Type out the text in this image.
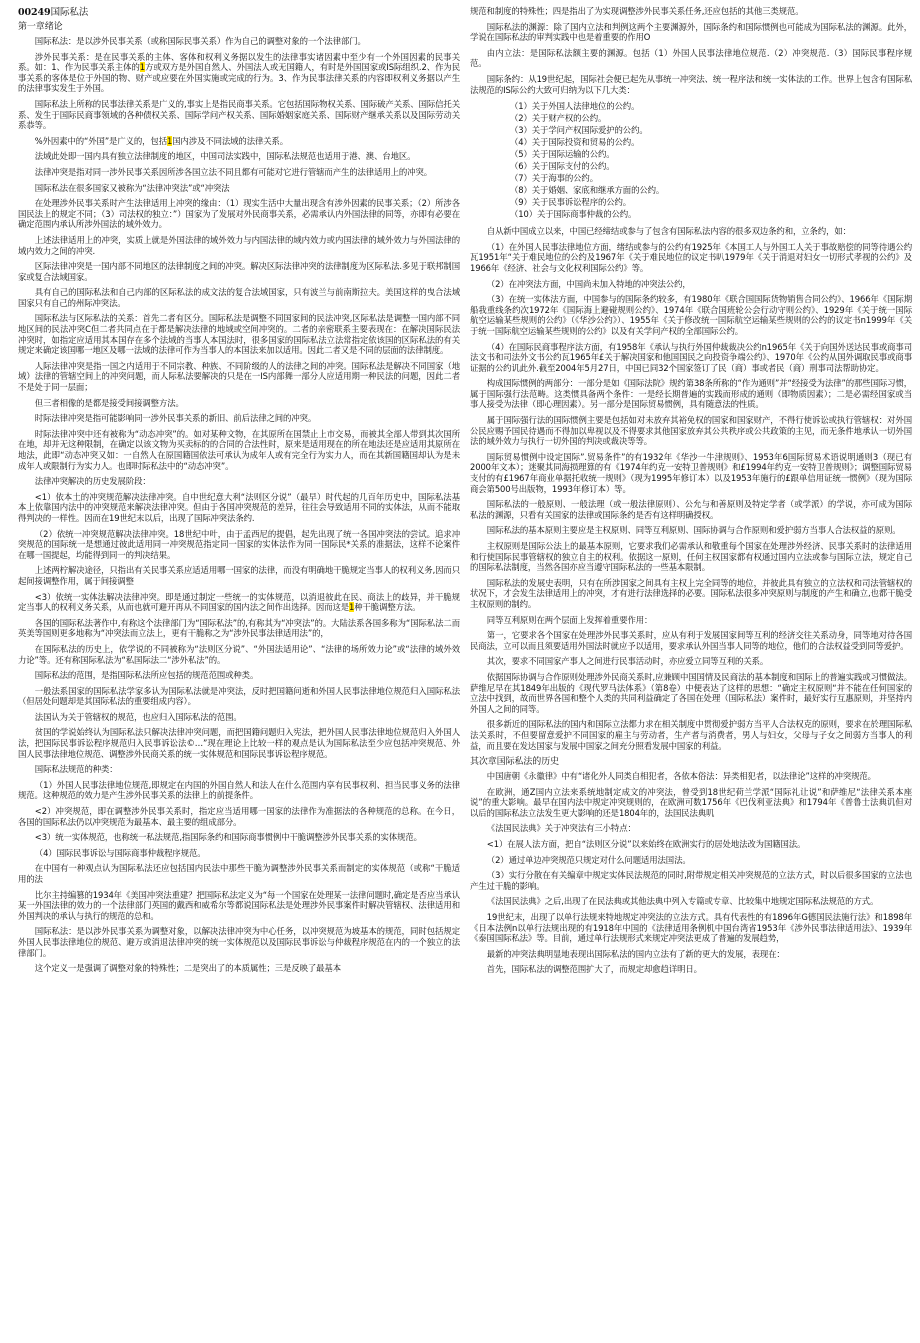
00249国际私法
第一章绪论

国际私法：是以涉外民事关系（或称国际民事关系）作为自己的调整对象的一个法律部门。

涉外民事关系：是在民事关系的主体、客体和权利义务据以发生的法律事实诸因素中至少有一个外国因素的民事关系。如：1、作为民事关系主体的1方或双方是外国自然人、外国法人或无国籍人，有时是外国国家或IS际组织.2、作为民事关系的客体是位于外国的物、财产或应要在外国实施或完成的行为。3、作为民事法律关系的内容即权利义务据以产生的法律事实发生于外国。

国际私法上所称的民事法律关系是广义的,事实上是指民商事关系。它包括国际物权关系、国际破产关系、国际信托关系、发生于国际民商事领域的各种债权关系、国际学问产权关系、国际婚姻家庭关系、国际财产继承关系以及国际劳动关系恭等。

%外因素中的“外国”是广义的，包括1国内涉及不同法域的法律关系。

法域此处即一国内具有独立法律制度的地区，中国司法实践中，国际私法规范也适用于港、澳、台地区。

法律冲突是指对同一涉外民事关系因所涉各国立法不同且都有可能对它进行管辖而产生的法律适用上的冲突。

国际私法在很多国家又被称为“法律冲突法”或“冲突法

在处理涉外民事关系时产生法律适用上冲突的缘由：（1）现实生活中大量出现含有涉外因素的民事关系；（2）所涉各国民法上的规定不同；（3）司法权的独立：”）国家为了发展对外民商事关系，必需承认内外国法律的同等，亦即有必要在确定范围内承认所涉外国法的域外效力。

上述法律适用上的冲突，实质上就是外国法律的域外效力与内国法律的域内效力或内国法律的域外效力与外国法律的域内效力之间的冲突.

区际法律冲突是一国内部不同地区的法律制度之间的冲突。解决区际法律冲突的法律制度为区际私法.多见于联邦制国家或复合法域国家。

具有自己的国际私法和自己内部的区际私法的成文法的复合法域国家，只有波兰与前南斯拉夫。美国这样的曳合法域国家只有自己的州际冲突法。

国际私法与区际私法的关系：首先二者有区分。国际私法是调整不同国家间的民法冲突,区际私法是调整一国内部不同地区间的民法冲突C但二者共同点在于都是解决法律的地域或空间冲突的。二者的亲密联系主要表现在：在解决国际民法冲突时，如指定应适用其本国存在多个法域的当事人本国法时，很多国家的国际私法立法常指定依该国的区际私法的有关规定来确定该国哪一地区及哪一法域的法律可作为当事人的本国法来加以适用。因此二者又是不同的层面的法律制度。

人际法律冲突是指一国之内适用于不同宗教、种族、不同阶级的人的法律之间的冲突。国际私法是解决不同国家（地域）法律的管辖空间上的冲突问题，而人际私法要解决的只是在一IS内部舞一部分人应适用期一种民法的问题，因此二者不是处于同一层面；

但三者相像的是都是接受间接调整方法。

时际法律冲突是指可能影响同一涉外民事关系的新旧、前后法律之间的冲突。

时际法律冲突中还有被称为“动态冲突”的。如对某种文物，在其原所在国禁止上市交易，而被其全部人带到其次国所在地，却并无这种限制，在确定以该文物为买卖标的的合同的合法性时，原来是适用现在的所在地法还是应适用其原所在地法，此即“动态冲突又如：一自然人在原国籍国依法可承认为成年人或有完全行为实力人，而在其新国籍国却认为是未成年人或限制行为实力人。也即时际私法中的“动态冲突”。

法律冲突解决的历史发展阶段：

<1）依本土的冲突规范解决法律冲突。自中世纪意大利“法则区分说”（最早）时代起的几百年历史中，国际私法基本上依靠国内法中的冲突规范来解决法律冲突。但由于各国冲突规范的差异，往往会导致适用不同的实体法，从而不能取得判决的一样性。因而在19世纪末以后，出现了国际冲突法条约.

（2）依统一冲突规范解决法律冲突。18世纪中叶，由于孟西尼的提倡，起先出现了统一各国冲突法的尝试。追求冲突规范的国际统一是想通过彼此适用同一冲突规范指定同一国家的实体法作为同一国际民*关系的准据法，这样不论案件在哪一国提起，均能得到同一的判决结果。

上述两柠解决途径，只指出有关民事关系应适适用哪一国家的法律，而没有明确地干脆规定当事人的权利义务,因而只起间接调整作用，属于间接调整

<3）依统一实体法解决法律冲突。即是通过制定一些统一的实体规范，以消退彼此在民、商法上的歧异，并干脆规定当事人的权利义务关系，从而也就可避开再从不同国家的国内法之间作出选择。因而这是1种干脆调整方法。

各国的国际私法著作中,有称这个法律部门为“国际私法”的,有称其为“冲突法”的。大陆法系各国多称为“国际私法二而英美等国则更多地称为“冲突法而立法上，更有干脆称之为“涉外民事法律适用法”的，

在国际私法的历史上，依学说的不同被称为“法则区分说”、“外国法适用论”、“法律的场所效力论”或“法律的域外效力论”等。还有称国际私法为“私国际法二“涉外私法”的。

国际私法的范围，是指国际私法所应包括的规范范围或种类。

一般法系国家的国际私法学家多认为国际私法就是冲突法，反时把国籍问逝和外国人民事法律地位规范归入国际私法（但居处问题却是其国际私法的重要组成内容）。

法国认为关于管辖权的规范，也应归入国际私法的范围。

贫国的学说始终认为国际私法只解决法律冲突问题，而把国籍问题归入宪法，把外国人民事法律地位规范归入外国人法，把国际民事诉讼程序规范归入民事诉讼法©…”现在理论上比较一样的观点是认为国际私法至少应包括冲突规范、外国人民事法律地位规范、调整涉外民商关系的统一实体规范和国际民事诉讼程序规范。

国际私法规范的种类：

（1）外国人民事法律地位规范,即规定在内国的外国自然人和法人在什么范围内享有民事权利、担当民事义务的法律规范。这种规范的效力是产生涉外民事关系的法律上的前提条件。

<2）冲突规范，即在调整涉外民事关系时，指定应当适用哪一国家的法律作为准据法的各种规范的总称。在今日，各国的国际私法仍以冲突规范为最基本、最主要的组成部分。

<3）统一实体规范，也称统一私法规范,指国际条约和国际商事惯例中干脆调整涉外民事关系的实体规范。

（4）国际民事诉讼与国际商事仲裁程序规范。

在中国有一种观点认为国际私法还应包括国内民法中那些干脆为调整涉外民事关系而制定的实体规范（或称“干脆适用的法

比尔主持编篡的1934年《美国冲突法重建？把国际私法定义为“每一个国家在处理某一法律问题时,确定是否应当承认某一外国法律的效力的一个法律部门英国的戴西和威希尔等都说国际私法是处理涉外民事案件时解决管辖权、法律适用和外国判决的承认与执行的规范的总和。

国际私法：是以涉外民事关系为调整对象，以解决法律冲突为中心任务，以冲突规范为坡基本的规范，同时包括规定外国人民事法律地位的规范、避万或消退法律冲突的统一实体规范以及国际民事诉讼与仲裁程序规范在内的一个独立的法律部门。

这个定义一是强调了调整对象的特殊性；二是突出了的本质属性；三是反映了最基本

规范和制度的特殊性；四是指出了为实现调整涉外民事关系任务,还应包括的其他三类规范。

国际私法的渊源：除了国内立法和判例这两个主要渊源外，国际条约和国际惯例也可能成为国际私法的渊源。此外，学说在国际私法的审判实践中也是着重要的作用O

由内立法：是国际私法额主要的渊源。包括（1）外国人民事法律地位规范.（2）冲突规范.（3）国际民事程序规范。

国际条约：从19世纪起，国际社会便已起先从事统一冲突法、统一程序法和统一实体法的工作。世界上包含有国际私法规范的IS际公约大致可归纳为以下几大类：

（1）关于外国人法律地位的公约。
（2）关于财产权的公约。
（3）关于学问产权国际爱护的公约。
（4）关于国际投资和贸易的公约。
（5）关于国际运输的公约。
（6）关于国际支付的公约。
（7）关于海事的公约。
（8）关于婚姻、家底和继承方面的公约。
（9）关于民事诉讼程序的公约。
（10）关于国际商事仲裁的公约。

自从新中国成立以来，中国已经缔结或参与了包含有国际私法内容的很多双边条约和，立条约，如：

（1）在外国人民事法律地位方面，绪结或参与的公约有1925年《本国工人与外国工人关于事故赔偿的同等待遇公约瓦1951年“关于难民地位的公约及1967年《关于难民地位的议定书叭1979年《关于消退对妇女一切形式孝视的公约》及1966年《经济、社会与文化权利国际公约》等。

（2）在冲突法方面，中国尚未加入特地的冲突法公约，

（3）在统一实体法方面，中国参与的国际条约较多，有1980年《联合国国际货物销售合同公约》、1966年《国际期船我重线条约次1972年《国际海上避碰规则公约》、1974年《联合国班轮公会行动守则公约》、1929年《关于统一国际航空运输某些规则的公约》（《华沙公约》）、1955年《关于修改统一国际航空运输某些规则的公约的议定书n1999年《关于统一国际航空运输某些规则的公约》以及有关学问产权的全部国际公约。

（4）在国际民商事程序法方面，有1958年《承认与执行外国仲裁裁决公约n1965年《关于向国外送达民事或商事司法文书和司法外文书公约瓦1965年£关于解决国家和他国国民之向投资争端公约》、1970年《公约从国外调取民事或商事证据的公约讥此外.截至2004年5月27日，中国已同32个国家签订了民（商）事或者民（商）刑事司法帮助协定。

构成国际惯例的两部分：一部分是如《国际法院》规约第38条所称的“作为通则”并“经接受为法律”的那些国际习惯，属于国际强行法范畴。这类惯具备两个条件：一是经长期普遍的实践而形成的通则（即物质因素）；二是必需经国家或当事人接受为法律（即心理因素）。另一部分是国际贸易惯例，具有随意法的性质。

属于国际强行法的国际惯例主要是包括如对未放弃其裕免权的国家和国家财产，不得行使诉讼或执行管辖权：对外国公民应赐予国民待遇而不得加以卑视以及不得要求其他国家放弃其公共秩序或公共政策的主见，而无条件地承认一切外国法的域外效力与执行一切外国的判决或裁决等等。

国际贸易惯例中设定国际”.贸易条件”的有1932年《华沙一牛津规则》、1953年6国际贸易术语说明通则3（现已有2000年文本）；迷聚其同海损理算的有《1974年约克一安特卫普规则》和£1994年约克一安特卫普规则》；调整国际贸易支付的有£1967年商业单据托收统一规则》（现为1995年修订本）以及1953年施行的£跟单信用证统一惯例》（现为国际商会第500号出版物，1993年修订本）等。

国际私法的一般原则、一般法理（或一般法律原则）、公允与和善原则及特定学者（或学派）的学说，亦可成为国际私法的渊源，只看有关国家的法律或国际条约是否有这样明确授权。

国际私法的基本原则主要应是主权原则、同等互利原则、国际协调与合作原则和爱护弱方当事人合法权益的原则。

主权原则是国际公法上的最基本原则，它要求我们必需承认和敬重每个国家在处理涉外经济、民事关系时的法律适用和行使国际民事管辖权的独立自主的权利。依据这一原则，任何主权国家都有权通过国内立法或参与国际立法，规定自己的国际私法制度，当然各国亦应当遵守国际私法的一些基本限制。

国际私法的发展史表明，只有在所涉国家之间具有主权上完全同等的地位，并彼此具有独立的立法权和司法管辖权的状况下，才会发生法律适用上的冲突，才有进行法律选择的必要。国际私法很多冲突原则与制度的产生和确立,也都干脆受主权原则的制约。

同等互利原则在两个层面上发挥着重要作用：

第一，它要求各个国家在处理涉外民事关系时，应从有利于发展国家间等互利的经济交往关系动身，同等地对待各国民商法，立可以而且须要适用外国法时就应予以适用，要求承认外国当事人同等的地位，他们的合法权益受到同等爱护。

其次，要求不同国家产事人之间进行民事活动时，亦应爱立同等互利的关系。

依据国际协调与合作原则处理涉外民商关系时,应兼顾中国国情及民商法的基本制度和国际上的普遍实践或习惯做法。萨维尼早在其1849年出版的《现代罗马法体系》（第8卷）中便表达了这样的思想：“确定主权原则“并不能在任何国家的立法中找到，故而世界各国和整个人类的共同利益确定了各国在处理（国际私法）案件时，最好实行互惠原则，并坚持内外国人之间的同等。

很多新近的国际私法的国内和国际立法都力求在相关制度中贯彻爱护弱方当平人合法权克的原则，要求在於理国际私法关系时，不但要留意爱护不同国家的雇主与劳动者，生产者与消费者，男人与妇女，父母与子女之间弱方当事人的利益，而且要在发达国家与发展中国家之间充分照看发展中国家的利益。

其次章国际私法的历史

中国唐朝《永徽律》中有“诸化外人同类自相犯者，各依本俗法：异类相犯者，以法律论”这样的冲突规范。

在欧洲，通Z国内立法来系统地制定成文的冲突法，曾受到18世纪荷兰学派“国际礼让说”和萨维尼“法律关系本座说”的重大影响。最早在国内法中规定冲突规则的，在欧洲可数1756年《巴伐利亚法典》和1794年《普鲁士法典讥但对以后的国际私法立法发生更大影响的还是1804年的，法国民法典叽

《法国民法典》关于冲突法有三小特点：

<1）在展人法方面，把自“法则区分说”以来始终在欧洲实行的居处地法改为国籍国法。

（2）通过单边冲突规范只规定对什么问题适用法国法。

（3）实行分散在有关编章中规定实体民法规范的同时,附带规定相关冲突规范的立法方式，时以后很多国家的立法也产生过干脆的影响。

《法国民法典》之后,出现了在民法典或其他法典中列入专篇或专章、比较集中地规定国际私法规范的方式。

19世纪末，出现了以单行法规来特地规定冲突法的立法方式。具有代表性的有1896年G德国民法施行法》和1898年《日本法例n以单行法规出现的有1918年中国的《法律适用条例机中国台湾省1953年《涉外民事法律适用法》、1939年《泰国国际私法》等。目前，通过单行法规形式来规定冲突法更成了普遍的发展趋势，

最新的冲突法典明显地表现出国际私法的国内立法有了新的更大的发展，表现在：

首先，国际私法的调整范围扩大了，而规定却愈趋详明日。
